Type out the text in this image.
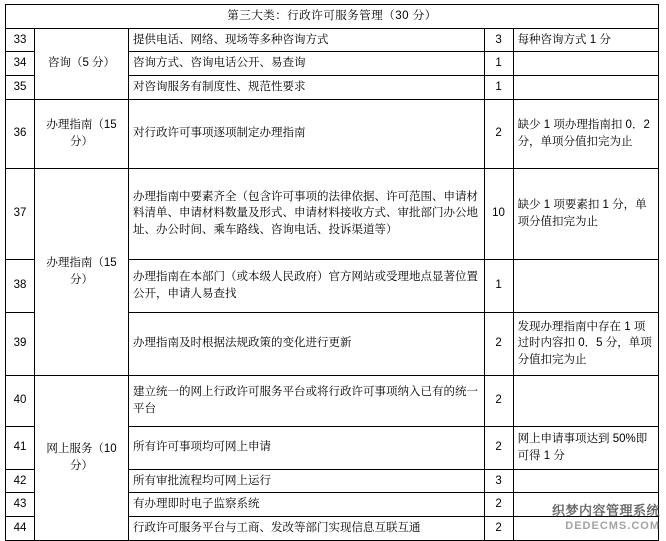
第三大类：行政许可服务管理（30 分）				
33	咨询（5 分）	提供电话、网络、现场等多种咨询方式	3	每种咨询方式 1 分
34		咨询方式、咨询电话公开、易查询	1	
35		对咨询服务有制度性、规范性要求	1	
36	办理指南（15 分）	对行政许可事项逐项制定办理指南	2	缺少 1 项办理指南扣 0．2 分，单项分值扣完为止
37	办理指南（15 分）	办理指南中要素齐全（包含许可事项的法律依据、许可范围、申请材料清单、申请材料数量及形式、申请材料接收方式、审批部门办公地址、办公时间、乘车路线、咨询电话、投诉渠道等）	10	缺少 1 项要素扣 1 分，单项分值扣完为止
38		办理指南在本部门（或本级人民政府）官方网站或受理地点显著位置公开，申请人易查找	1	
39		办理指南及时根据法规政策的变化进行更新	2	发现办理指南中存在 1 项过时内容扣 0．5 分，单项分值扣完为止
40	网上服务（10 分）	建立统一的网上行政许可服务平台或将行政许可事项纳入已有的统一平台	2	
41		所有许可事项均可网上申请	2	网上申请事项达到 50%即可得 1 分
42		所有审批流程均可网上运行	3	
43		有办理即时电子监察系统	2	
44		行政许可服务平台与工商、发改等部门实现信息互联互通	2	
织梦内容管理系统
DEDECMS.COM
